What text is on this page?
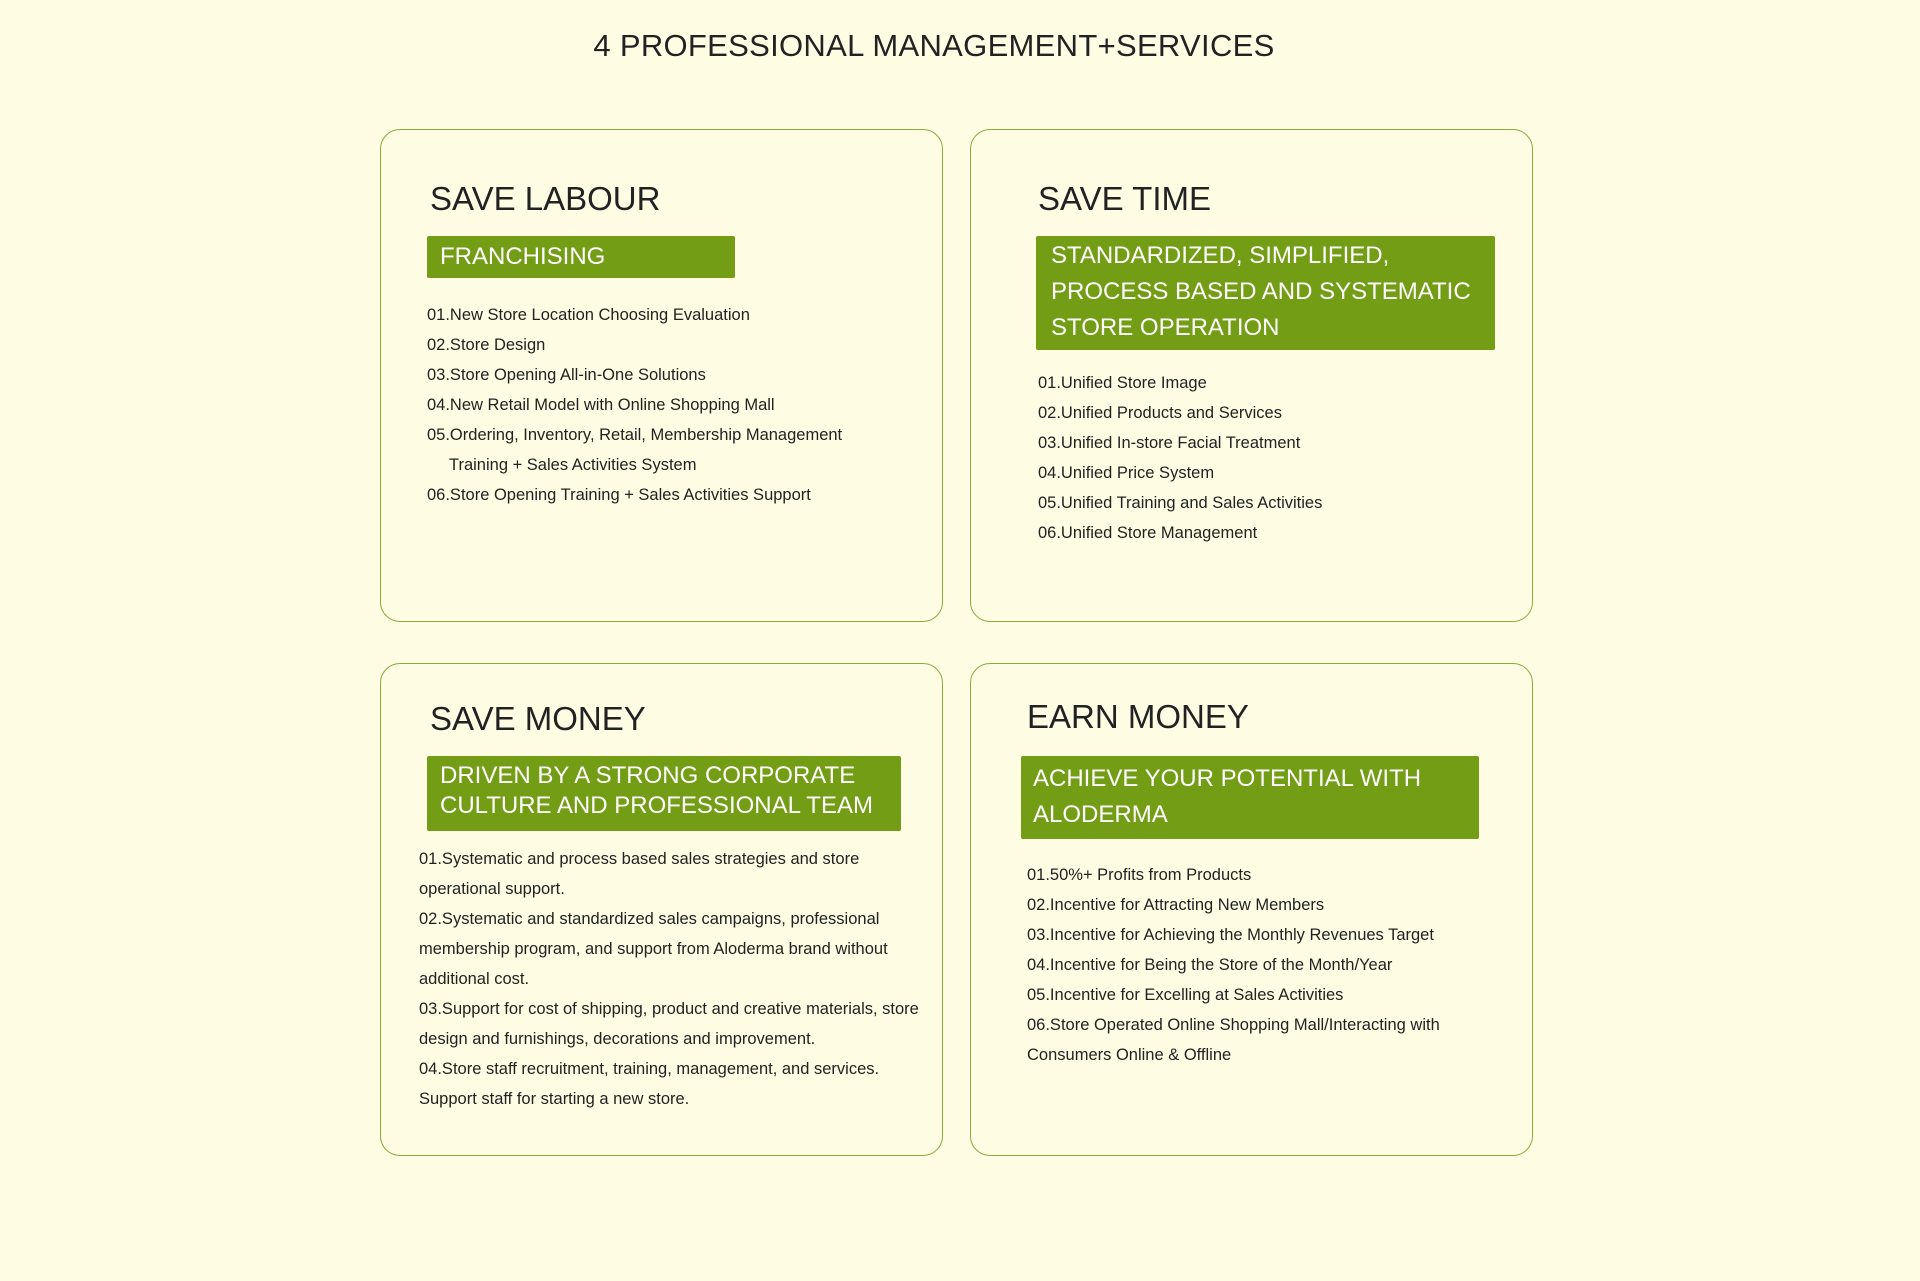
4 PROFESSIONAL MANAGEMENT+SERVICES
SAVE LABOUR
FRANCHISING
01.New Store Location Choosing Evaluation
02.Store Design
03.Store Opening All-in-One Solutions
04.New Retail Model with Online Shopping Mall
05.Ordering, Inventory, Retail, Membership Management Training + Sales Activities System
06.Store Opening Training + Sales Activities Support
SAVE TIME
STANDARDIZED, SIMPLIFIED, PROCESS BASED AND SYSTEMATIC STORE OPERATION
01.Unified Store Image
02.Unified Products and Services
03.Unified In-store Facial Treatment
04.Unified Price System
05.Unified Training and Sales Activities
06.Unified Store Management
SAVE MONEY
DRIVEN BY A STRONG CORPORATE CULTURE AND PROFESSIONAL TEAM
01.Systematic and process based sales strategies and store operational support.
02.Systematic and standardized sales campaigns, professional membership program, and support from Aloderma brand without additional cost.
03.Support for cost of shipping, product and creative materials, store design and furnishings, decorations and improvement.
04.Store staff recruitment, training, management, and services. Support staff for starting a new store.
EARN MONEY
ACHIEVE YOUR POTENTIAL WITH ALODERMA
01.50%+ Profits from Products
02.Incentive for Attracting New Members
03.Incentive for Achieving the Monthly Revenues Target
04.Incentive for Being the Store of the Month/Year
05.Incentive for Excelling at Sales Activities
06.Store Operated Online Shopping Mall/Interacting with Consumers Online & Offline
